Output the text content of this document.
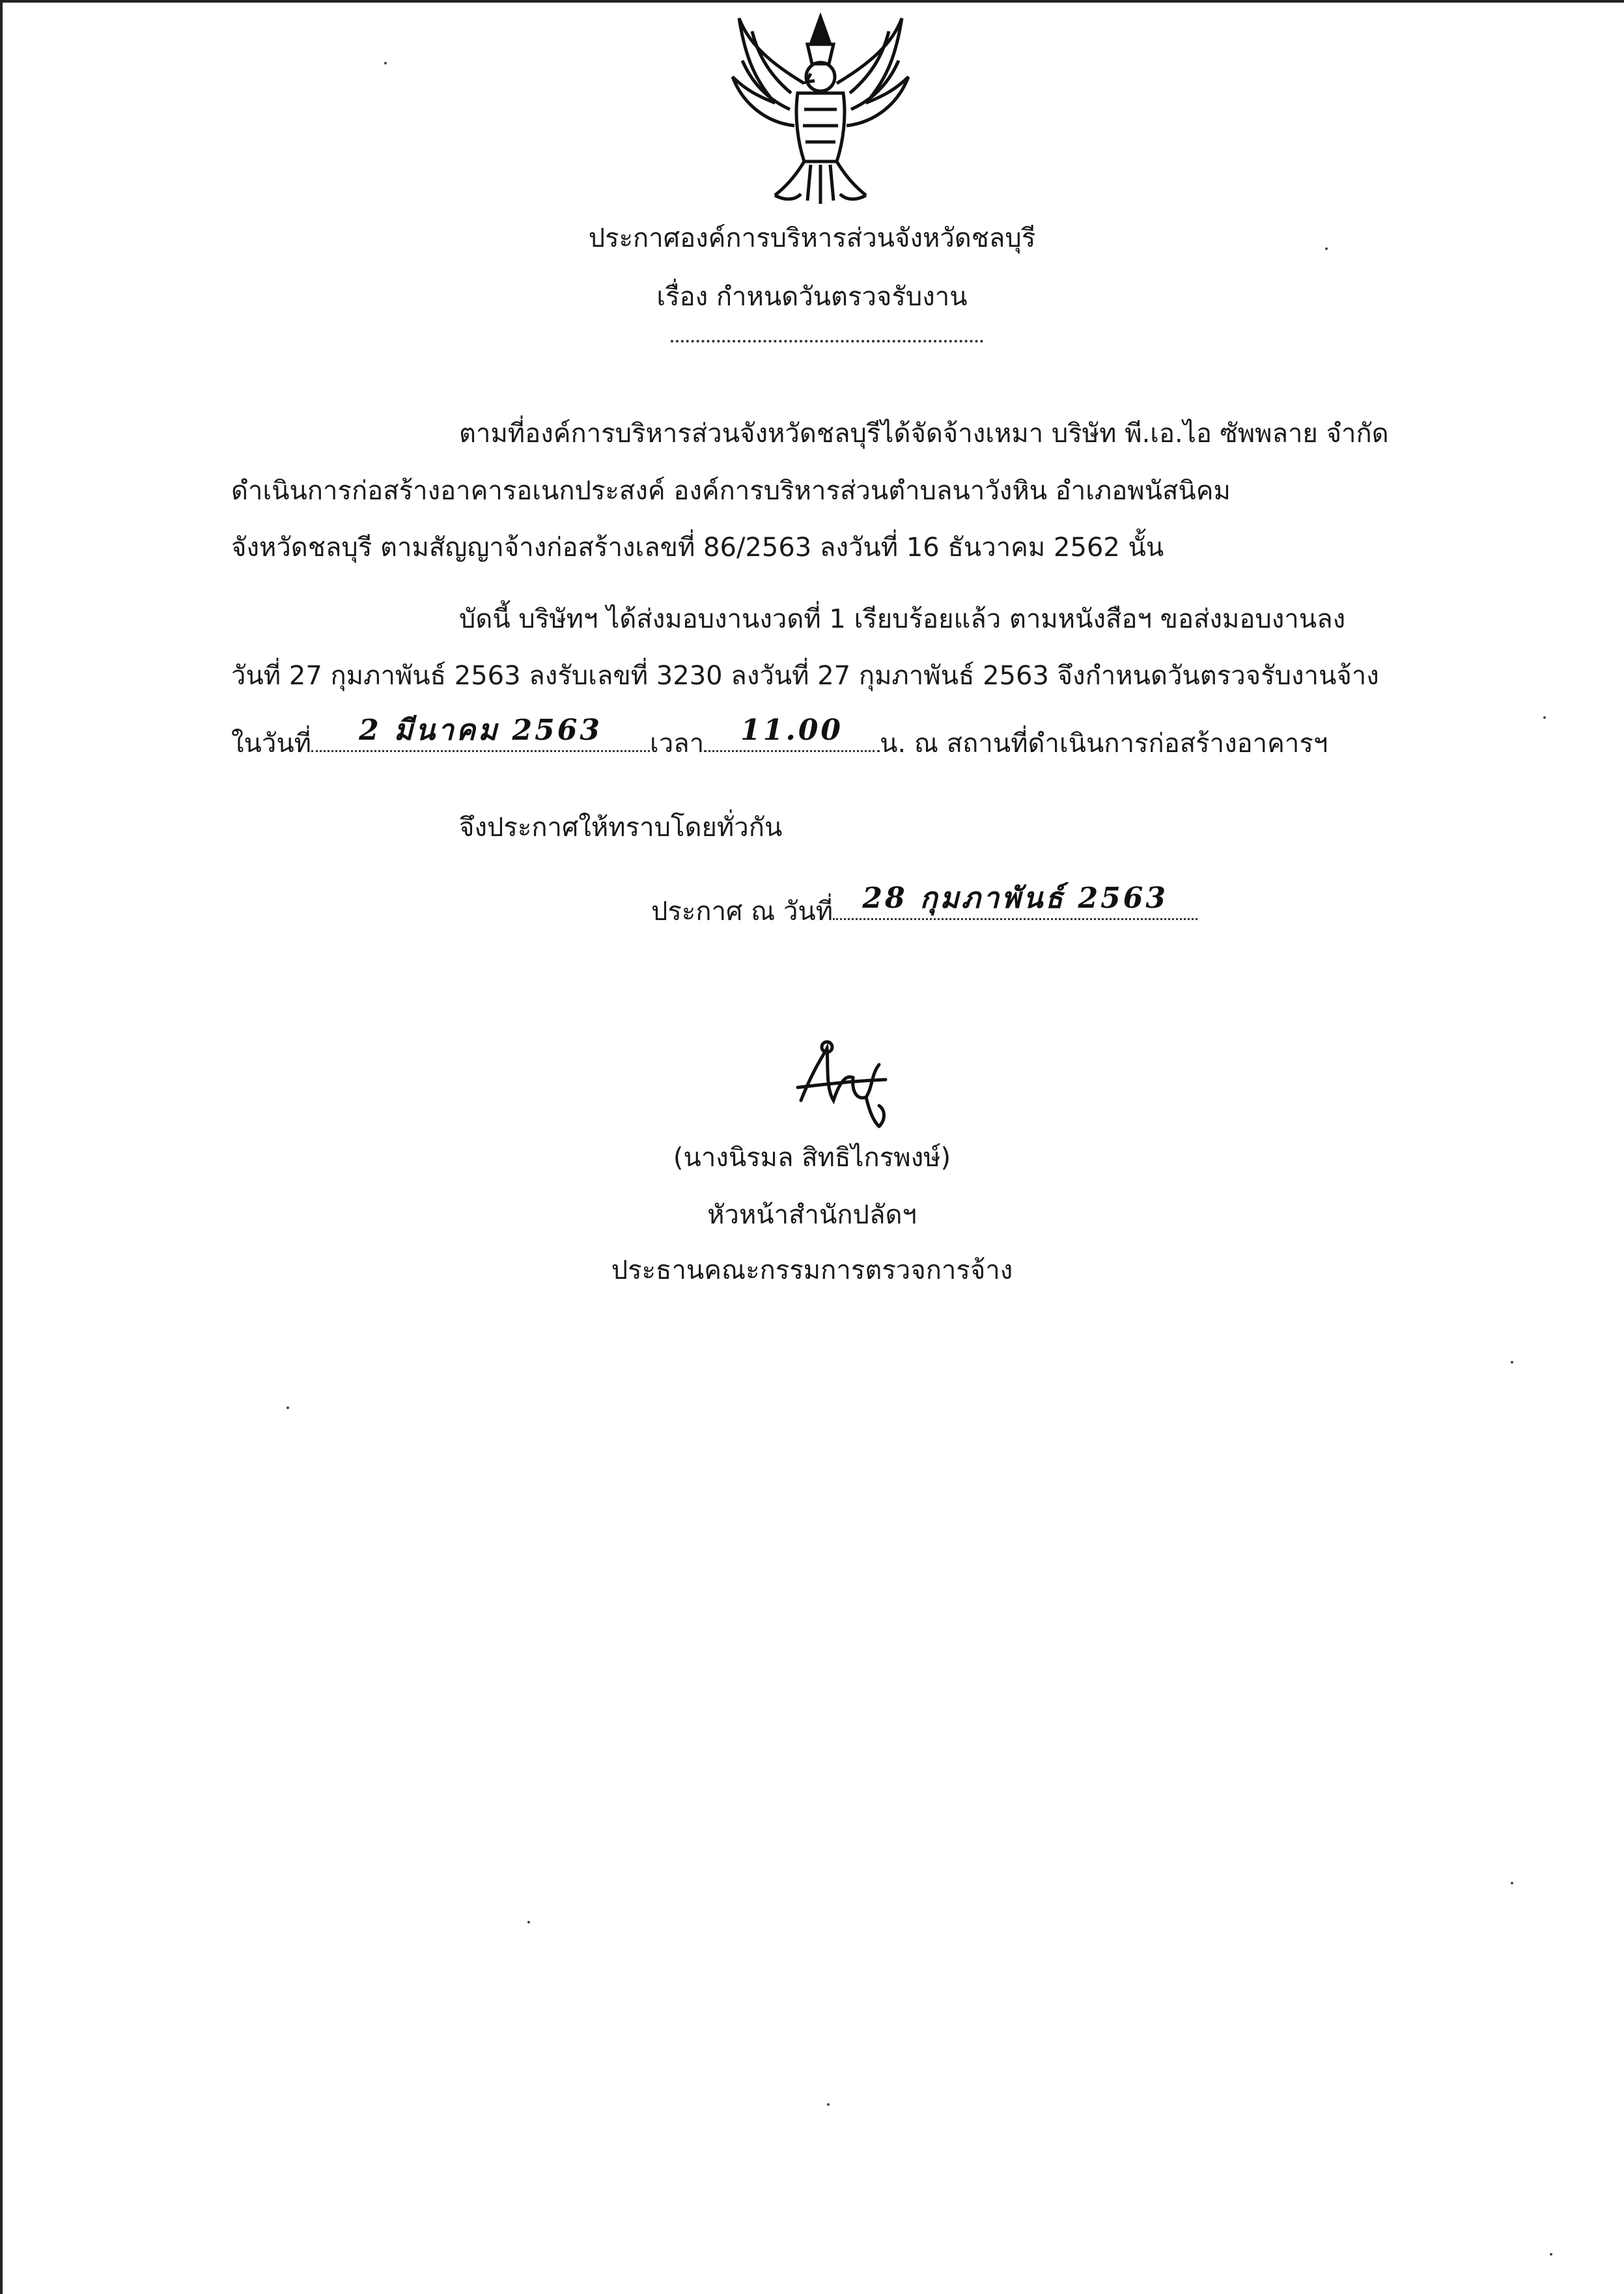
ประกาศองค์การบริหารส่วนจังหวัดชลบุรี
เรื่อง กำหนดวันตรวจรับงาน
ตามที่องค์การบริหารส่วนจังหวัดชลบุรีได้จัดจ้างเหมา บริษัท พี.เอ.ไอ ซัพพลาย จำกัด
ดำเนินการก่อสร้างอาคารอเนกประสงค์ องค์การบริหารส่วนตำบลนาวังหิน อำเภอพนัสนิคม
จังหวัดชลบุรี ตามสัญญาจ้างก่อสร้างเลขที่ 86/2563 ลงวันที่ 16 ธันวาคม 2562 นั้น
บัดนี้ บริษัทฯ ได้ส่งมอบงานงวดที่ 1 เรียบร้อยแล้ว ตามหนังสือฯ ขอส่งมอบงานลง
วันที่ 27 กุมภาพันธ์ 2563 ลงรับเลขที่ 3230 ลงวันที่ 27 กุมภาพันธ์ 2563 จึงกำหนดวันตรวจรับงานจ้าง
ในวันที่	2 มีนาคม 2563	เวลา	11.00	น. ณ สถานที่ดำเนินการก่อสร้างอาคารฯ
จึงประกาศให้ทราบโดยทั่วกัน
ประกาศ ณ วันที่	28 กุมภาพันธ์ 2563
(นางนิรมล สิทธิไกรพงษ์)
หัวหน้าสำนักปลัดฯ
ประธานคณะกรรมการตรวจการจ้าง
